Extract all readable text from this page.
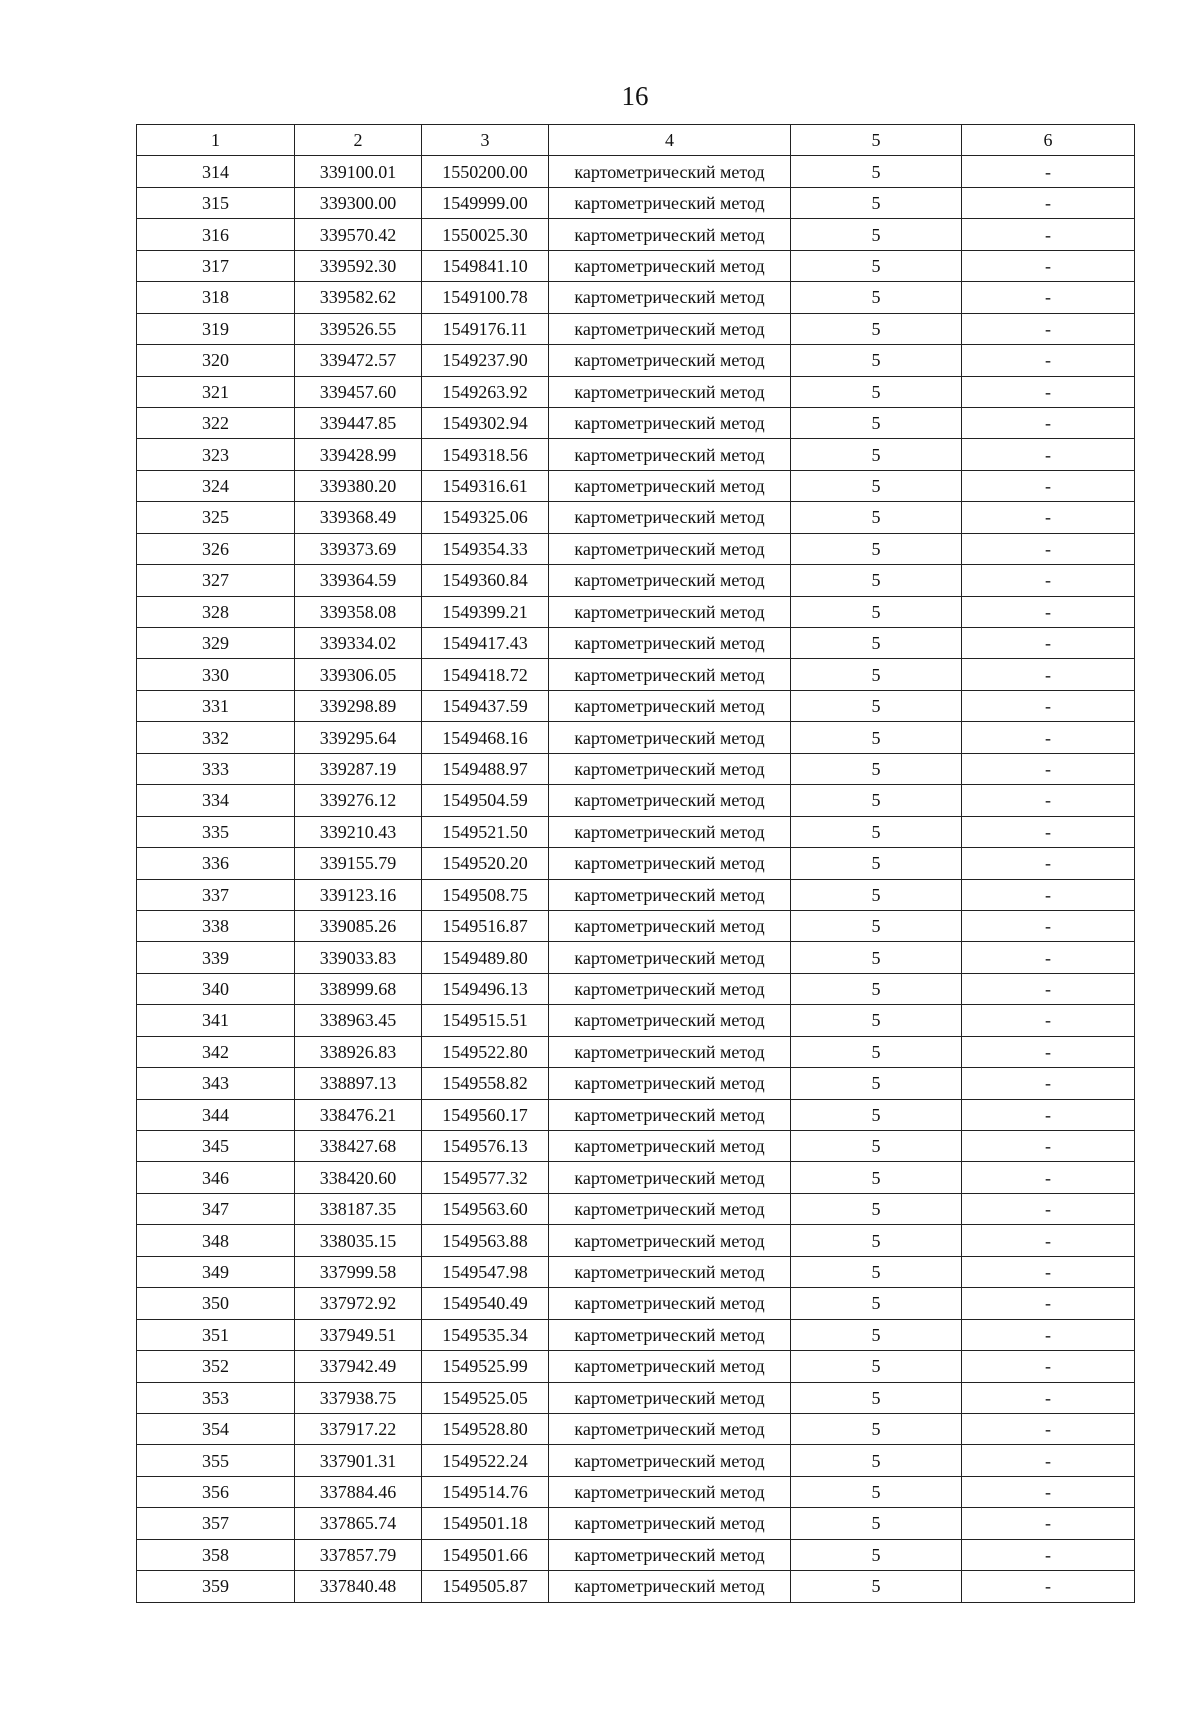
16
1	2	3	4	5	6
314	339100.01	1550200.00	картометрический метод	5	-
315	339300.00	1549999.00	картометрический метод	5	-
316	339570.42	1550025.30	картометрический метод	5	-
317	339592.30	1549841.10	картометрический метод	5	-
318	339582.62	1549100.78	картометрический метод	5	-
319	339526.55	1549176.11	картометрический метод	5	-
320	339472.57	1549237.90	картометрический метод	5	-
321	339457.60	1549263.92	картометрический метод	5	-
322	339447.85	1549302.94	картометрический метод	5	-
323	339428.99	1549318.56	картометрический метод	5	-
324	339380.20	1549316.61	картометрический метод	5	-
325	339368.49	1549325.06	картометрический метод	5	-
326	339373.69	1549354.33	картометрический метод	5	-
327	339364.59	1549360.84	картометрический метод	5	-
328	339358.08	1549399.21	картометрический метод	5	-
329	339334.02	1549417.43	картометрический метод	5	-
330	339306.05	1549418.72	картометрический метод	5	-
331	339298.89	1549437.59	картометрический метод	5	-
332	339295.64	1549468.16	картометрический метод	5	-
333	339287.19	1549488.97	картометрический метод	5	-
334	339276.12	1549504.59	картометрический метод	5	-
335	339210.43	1549521.50	картометрический метод	5	-
336	339155.79	1549520.20	картометрический метод	5	-
337	339123.16	1549508.75	картометрический метод	5	-
338	339085.26	1549516.87	картометрический метод	5	-
339	339033.83	1549489.80	картометрический метод	5	-
340	338999.68	1549496.13	картометрический метод	5	-
341	338963.45	1549515.51	картометрический метод	5	-
342	338926.83	1549522.80	картометрический метод	5	-
343	338897.13	1549558.82	картометрический метод	5	-
344	338476.21	1549560.17	картометрический метод	5	-
345	338427.68	1549576.13	картометрический метод	5	-
346	338420.60	1549577.32	картометрический метод	5	-
347	338187.35	1549563.60	картометрический метод	5	-
348	338035.15	1549563.88	картометрический метод	5	-
349	337999.58	1549547.98	картометрический метод	5	-
350	337972.92	1549540.49	картометрический метод	5	-
351	337949.51	1549535.34	картометрический метод	5	-
352	337942.49	1549525.99	картометрический метод	5	-
353	337938.75	1549525.05	картометрический метод	5	-
354	337917.22	1549528.80	картометрический метод	5	-
355	337901.31	1549522.24	картометрический метод	5	-
356	337884.46	1549514.76	картометрический метод	5	-
357	337865.74	1549501.18	картометрический метод	5	-
358	337857.79	1549501.66	картометрический метод	5	-
359	337840.48	1549505.87	картометрический метод	5	-
